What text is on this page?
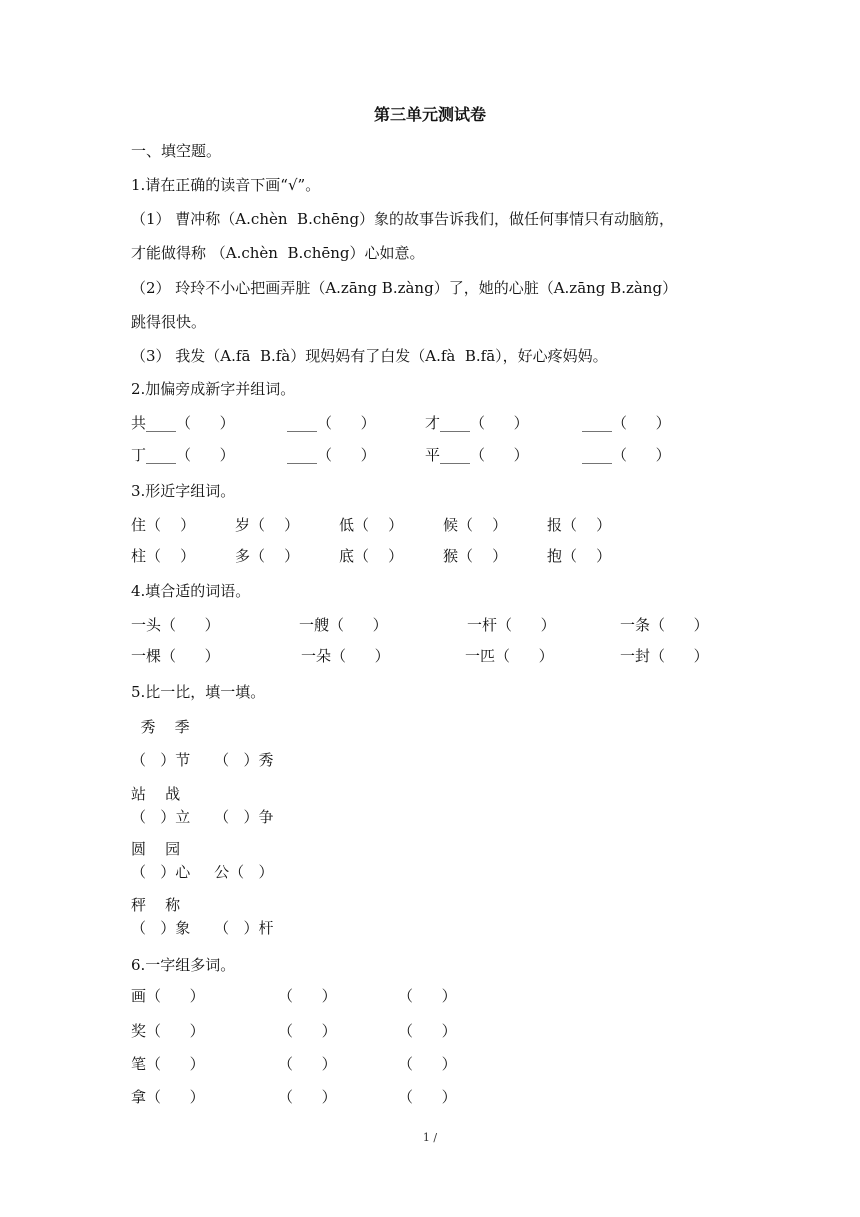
第三单元测试卷
一、填空题。
1.请在正确的读音下画“√”。
（1） 曹冲称（A.chèn  B.chēng）象的故事告诉我们，做任何事情只有动脑筋，
才能做得称 （A.chèn  B.chēng）心如意。
（2） 玲玲不小心把画弄脏（A.zāng B.zàng）了，她的心脏（A.zāng B.zàng）
跳得很快。
（3） 我发（A.fā  B.fà）现妈妈有了白发（A.fà  B.fā），好心疼妈妈。
2.加偏旁成新字并组词。
共____（      ）	____（      ）	才____（      ）	____（      ）
丁____（      ）	____（      ）	平____（      ）	____（      ）
3.形近字组词。
住（    ）	岁（    ）	低（    ）	候（    ）	报（    ）
柱（    ）	多（    ）	底（    ）	猴（    ）	抱（    ）
4.填合适的词语。
一头（      ）	一艘（      ）	一杆（      ）	一条（      ）
一棵（      ）	一朵（      ）	一匹（      ）	一封（      ）
5.比一比，填一填。
秀    季
（   ）节     （   ）秀
站    战
（   ）立     （   ）争
圆    园
（   ）心     公（   ）
秤    称
（   ）象     （   ）杆
6.一字组多词。
画（      ）	（      ）	（      ）
奖（      ）	（      ）	（      ）
笔（      ）	（      ）	（      ）
拿（      ）	（      ）	（      ）
1 /
